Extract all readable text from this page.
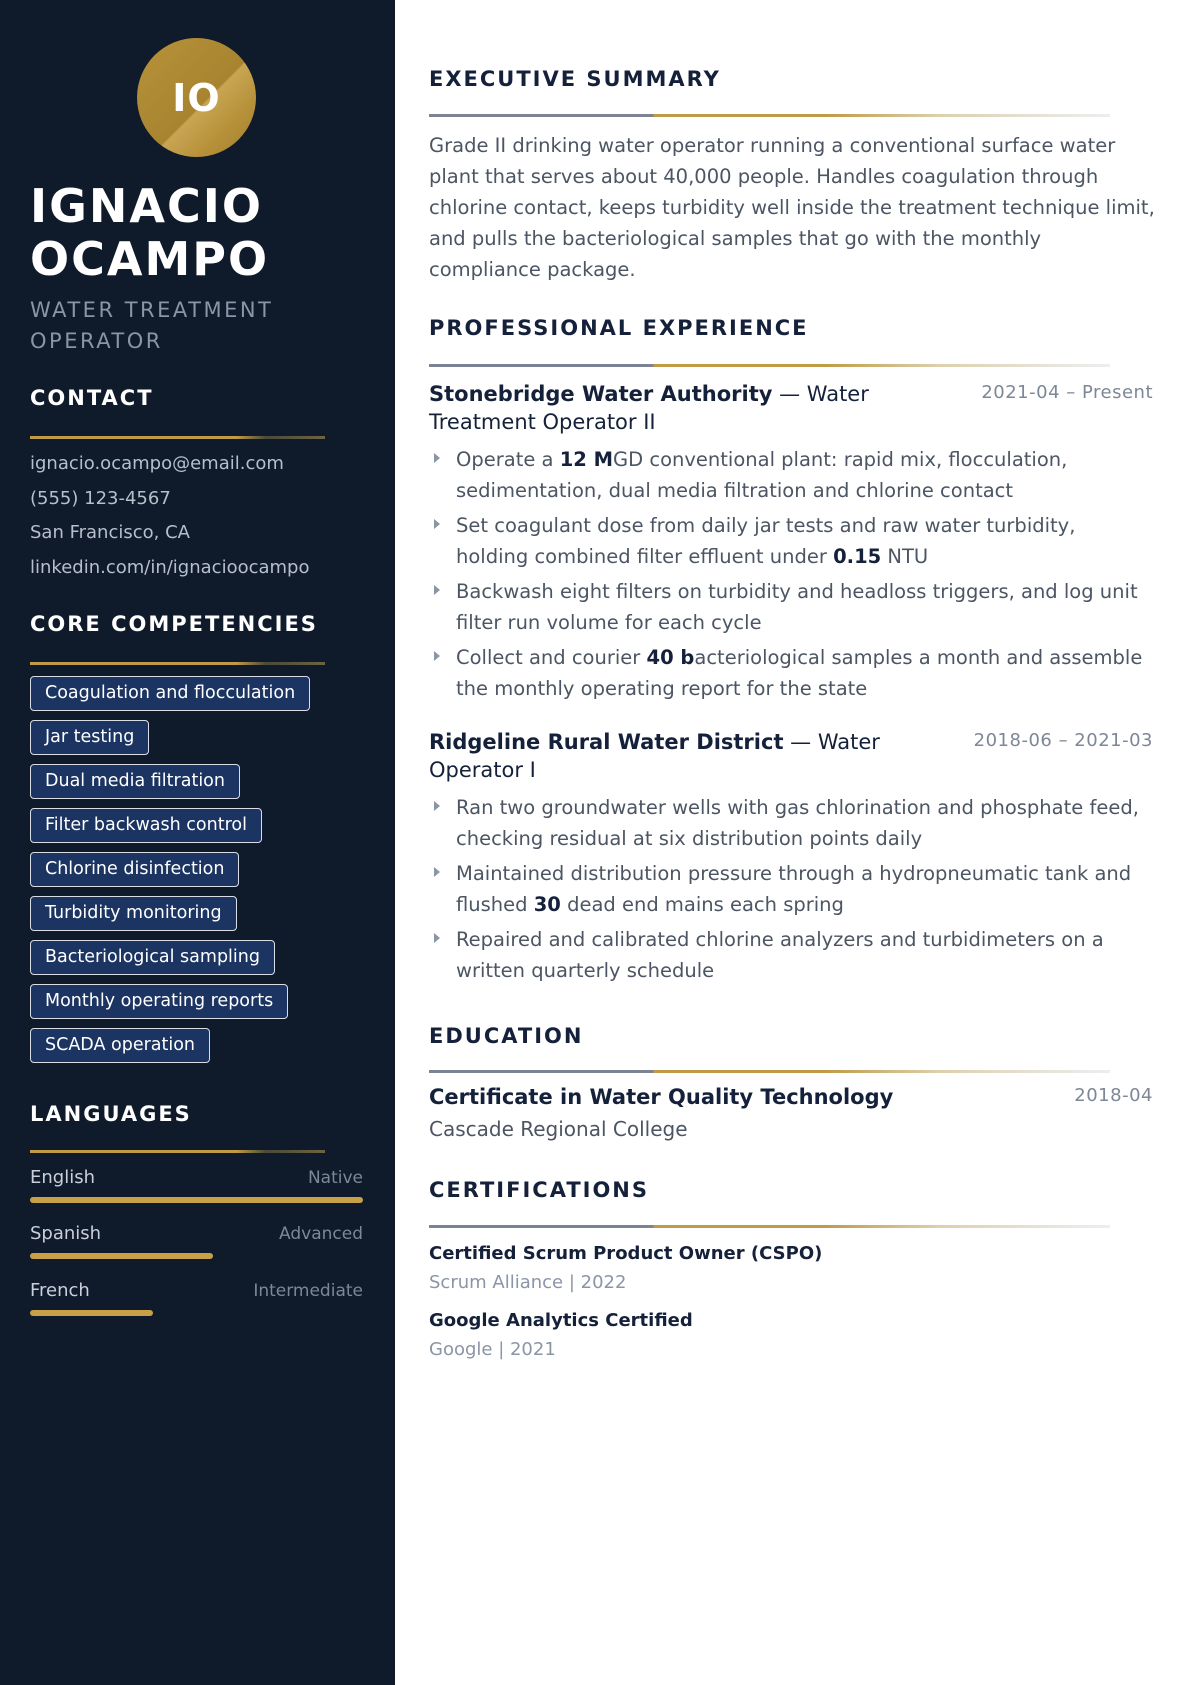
IO
IGNACIO
OCAMPO
WATER TREATMENT OPERATOR
CONTACT
ignacio.ocampo@email.com
(555) 123-4567
San Francisco, CA
linkedin.com/in/ignacioocampo
CORE COMPETENCIES
Coagulation and flocculation
Jar testing
Dual media filtration
Filter backwash control
Chlorine disinfection
Turbidity monitoring
Bacteriological sampling
Monthly operating reports
SCADA operation
LANGUAGES
English	Native
Spanish	Advanced
French	Intermediate
EXECUTIVE SUMMARY

Grade II drinking water operator running a conventional surface water plant that serves about 40,000 people. Handles coagulation through chlorine contact, keeps turbidity well inside the treatment technique limit, and pulls the bacteriological samples that go with the monthly compliance package.

PROFESSIONAL EXPERIENCE
Stonebridge Water Authority — Water Treatment Operator II
2021-04 – Present
Operate a 12 MGD conventional plant: rapid mix, flocculation, sedimentation, dual media filtration and chlorine contact
Set coagulant dose from daily jar tests and raw water turbidity, holding combined filter effluent under 0.15 NTU
Backwash eight filters on turbidity and headloss triggers, and log unit filter run volume for each cycle
Collect and courier 40 bacteriological samples a month and assemble the monthly operating report for the state
Ridgeline Rural Water District — Water Operator I
2018-06 – 2021-03
Ran two groundwater wells with gas chlorination and phosphate feed, checking residual at six distribution points daily
Maintained distribution pressure through a hydropneumatic tank and flushed 30 dead end mains each spring
Repaired and calibrated chlorine analyzers and turbidimeters on a written quarterly schedule
EDUCATION
Certificate in Water Quality Technology
Cascade Regional College
2018-04
CERTIFICATIONS
Certified Scrum Product Owner (CSPO)
Scrum Alliance | 2022
Google Analytics Certified
Google | 2021
